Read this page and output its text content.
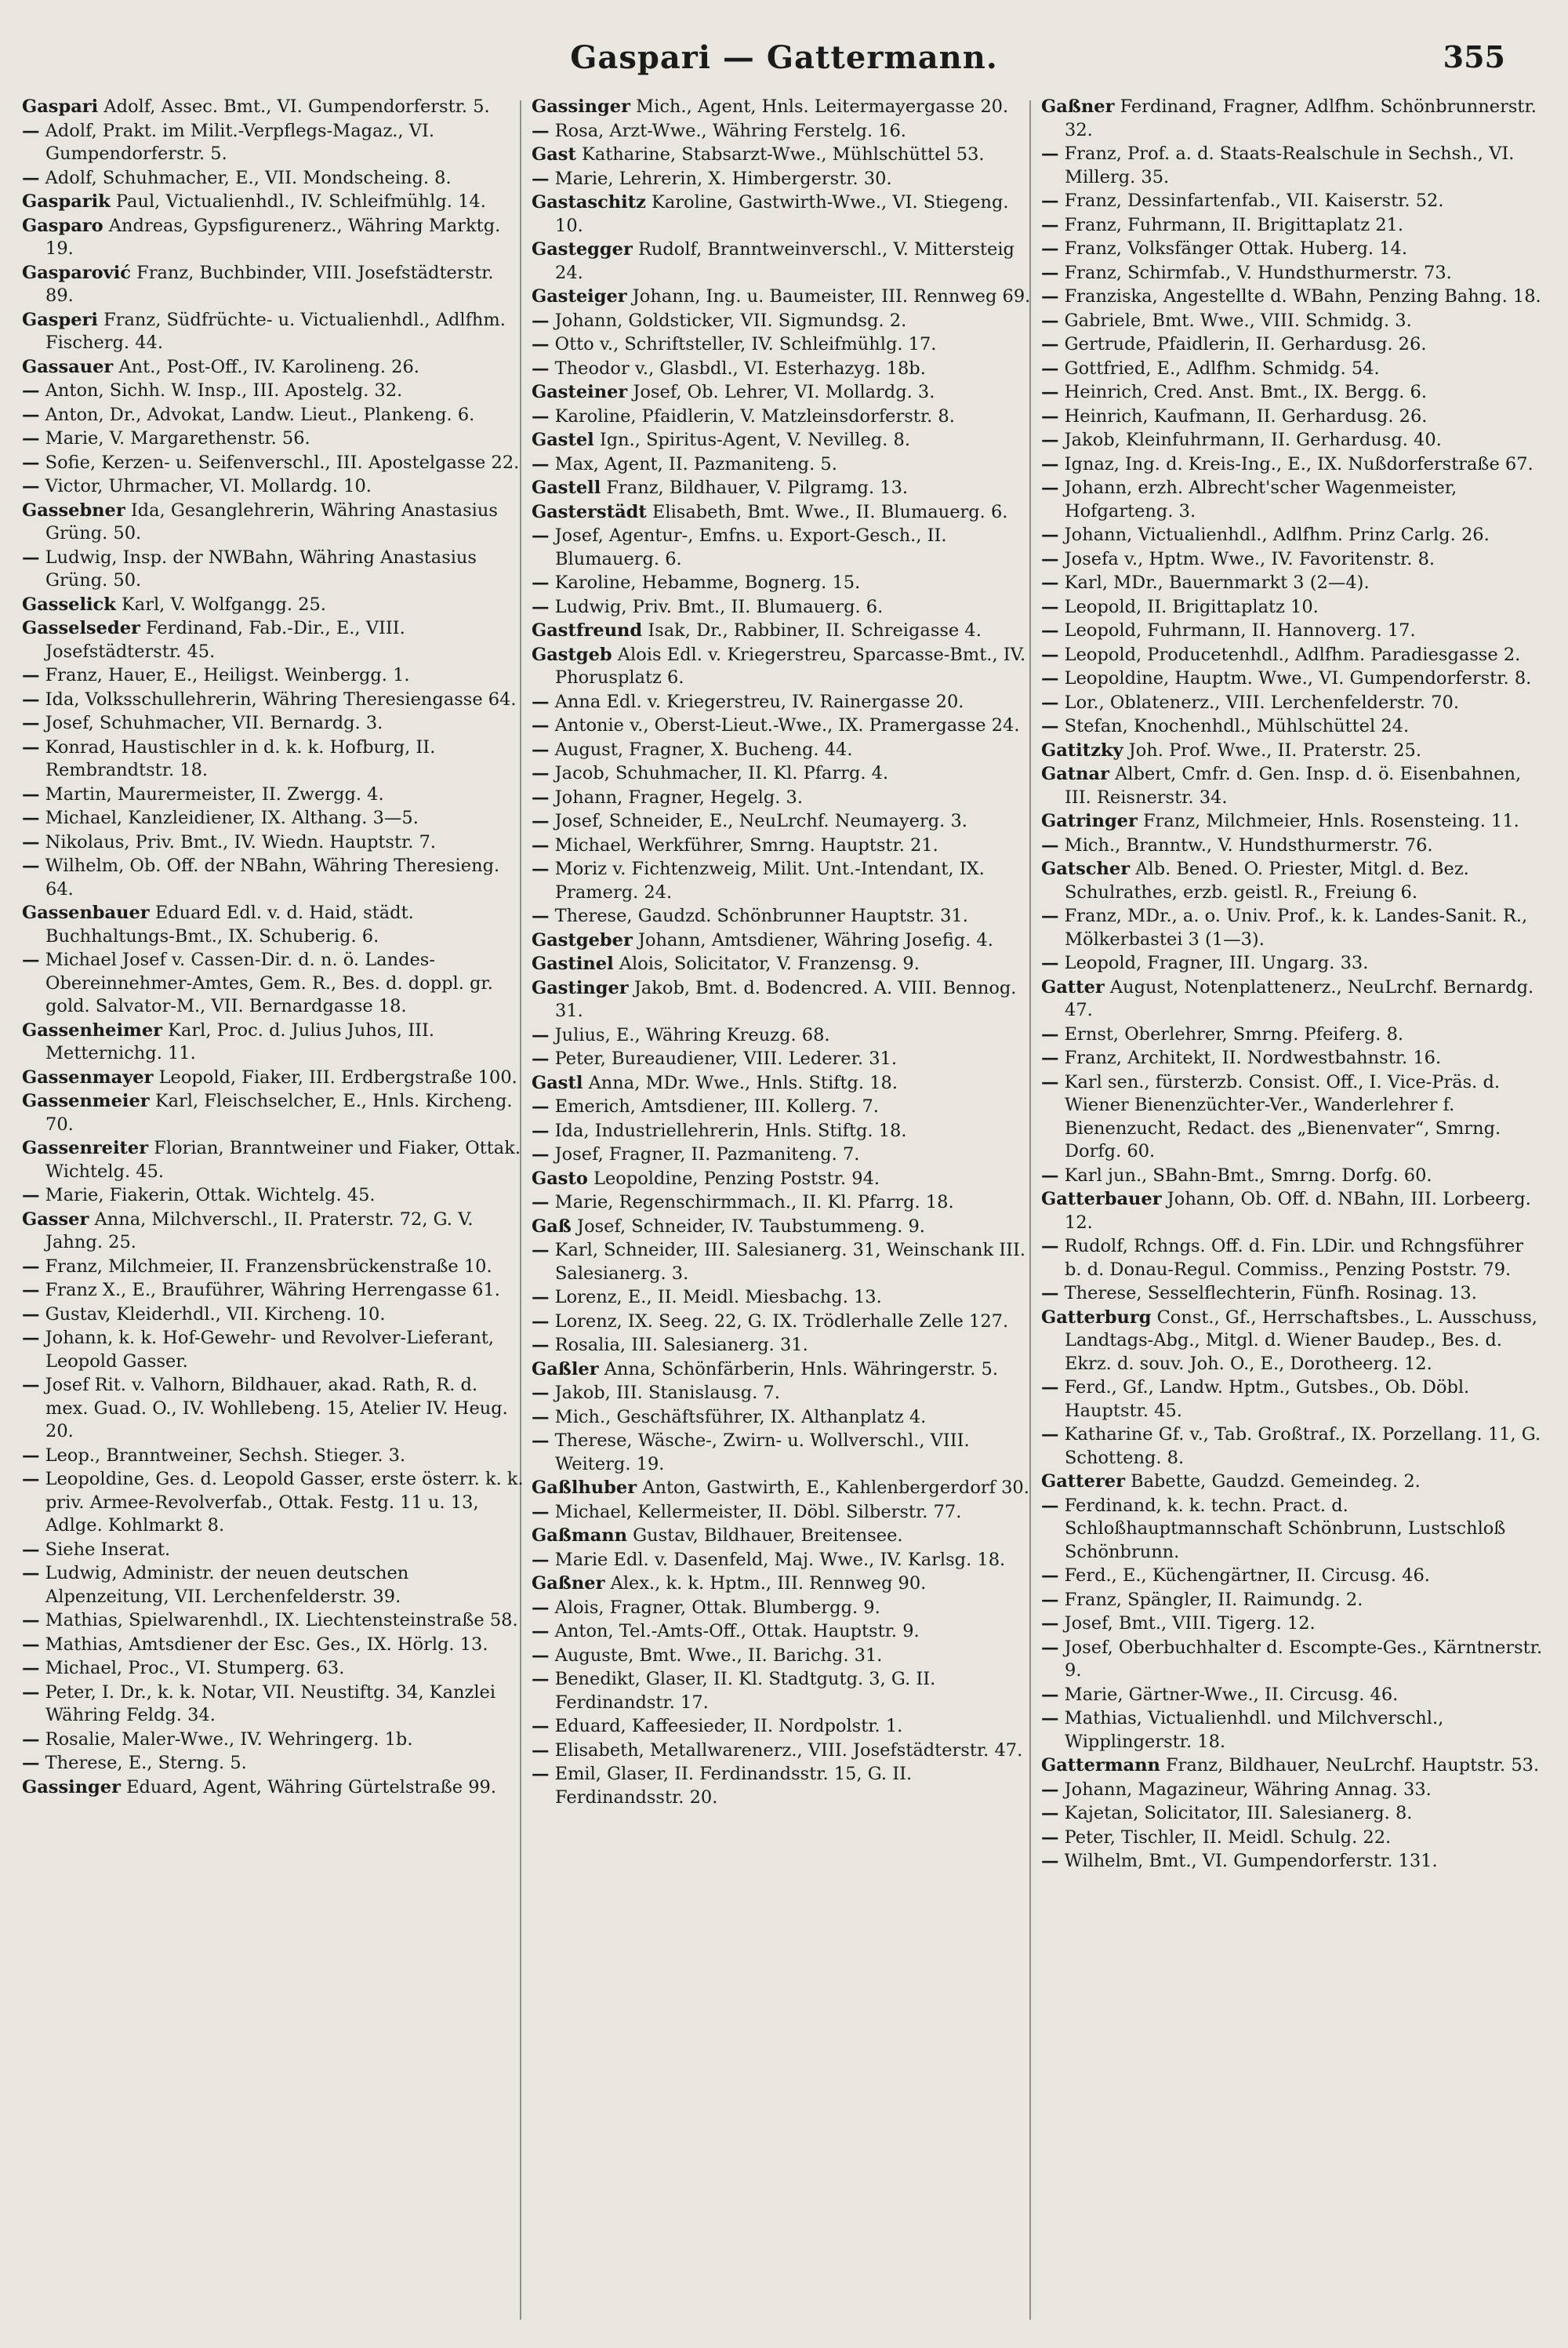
Gaspari — Gattermann.	355

Gaspari Adolf, Assec. Bmt., VI. Gumpendorferstr. 5.

— Adolf, Prakt. im Milit.-Verpflegs-Magaz., VI. Gumpendorferstr. 5.

— Adolf, Schuhmacher, E., VII. Mondscheing. 8.

Gasparik Paul, Victualienhdl., IV. Schleifmühlg. 14.

Gasparo Andreas, Gypsfigurenerz., Währing Marktg. 19.

Gasparović Franz, Buchbinder, VIII. Josefstädterstr. 89.

Gasperi Franz, Südfrüchte- u. Victualienhdl., Adlfhm. Fischerg. 44.

Gassauer Ant., Post-Off., IV. Karolineng. 26.

— Anton, Sichh. W. Insp., III. Apostelg. 32.

— Anton, Dr., Advokat, Landw. Lieut., Plankeng. 6.

— Marie, V. Margarethenstr. 56.

— Sofie, Kerzen- u. Seifenverschl., III. Apostelgasse 22.

— Victor, Uhrmacher, VI. Mollardg. 10.

Gassebner Ida, Gesanglehrerin, Währing Anastasius Grüng. 50.

— Ludwig, Insp. der NWBahn, Währing Anastasius Grüng. 50.

Gasselick Karl, V. Wolfgangg. 25.

Gasselseder Ferdinand, Fab.-Dir., E., VIII. Josefstädterstr. 45.

— Franz, Hauer, E., Heiligst. Weinbergg. 1.

— Ida, Volksschullehrerin, Währing Theresiengasse 64.

— Josef, Schuhmacher, VII. Bernardg. 3.

— Konrad, Haustischler in d. k. k. Hofburg, II. Rembrandtstr. 18.

— Martin, Maurermeister, II. Zwergg. 4.

— Michael, Kanzleidiener, IX. Althang. 3—5.

— Nikolaus, Priv. Bmt., IV. Wiedn. Hauptstr. 7.

— Wilhelm, Ob. Off. der NBahn, Währing Theresieng. 64.

Gassenbauer Eduard Edl. v. d. Haid, städt. Buchhaltungs-Bmt., IX. Schuberig. 6.

— Michael Josef v. Cassen-Dir. d. n. ö. Landes-Obereinnehmer-Amtes, Gem. R., Bes. d. doppl. gr. gold. Salvator-M., VII. Bernardgasse 18.

Gassenheimer Karl, Proc. d. Julius Juhos, III. Metternichg. 11.

Gassenmayer Leopold, Fiaker, III. Erdbergstraße 100.

Gassenmeier Karl, Fleischselcher, E., Hnls. Kircheng. 70.

Gassenreiter Florian, Branntweiner und Fiaker, Ottak. Wichtelg. 45.

— Marie, Fiakerin, Ottak. Wichtelg. 45.

Gasser Anna, Milchverschl., II. Praterstr. 72, G. V. Jahng. 25.

— Franz, Milchmeier, II. Franzensbrückenstraße 10.

— Franz X., E., Brauführer, Währing Herrengasse 61.

— Gustav, Kleiderhdl., VII. Kircheng. 10.

— Johann, k. k. Hof-Gewehr- und Revolver-Lieferant, Leopold Gasser.

— Josef Rit. v. Valhorn, Bildhauer, akad. Rath, R. d. mex. Guad. O., IV. Wohllebeng. 15, Atelier IV. Heug. 20.

— Leop., Branntweiner, Sechsh. Stieger. 3.

— Leopoldine, Ges. d. Leopold Gasser, erste österr. k. k. priv. Armee-Revolverfab., Ottak. Festg. 11 u. 13, Adlge. Kohlmarkt 8.

— Siehe Inserat.

— Ludwig, Administr. der neuen deutschen Alpenzeitung, VII. Lerchenfelderstr. 39.

— Mathias, Spielwarenhdl., IX. Liechtensteinstraße 58.

— Mathias, Amtsdiener der Esc. Ges., IX. Hörlg. 13.

— Michael, Proc., VI. Stumperg. 63.

— Peter, I. Dr., k. k. Notar, VII. Neustiftg. 34, Kanzlei Währing Feldg. 34.

— Rosalie, Maler-Wwe., IV. Wehringerg. 1b.

— Therese, E., Sterng. 5.

Gassinger Eduard, Agent, Währing Gürtelstraße 99.

Gassinger Mich., Agent, Hnls. Leitermayergasse 20.

— Rosa, Arzt-Wwe., Währing Ferstelg. 16.

Gast Katharine, Stabsarzt-Wwe., Mühlschüttel 53.

— Marie, Lehrerin, X. Himbergerstr. 30.

Gastaschitz Karoline, Gastwirth-Wwe., VI. Stiegeng. 10.

Gastegger Rudolf, Branntweinverschl., V. Mittersteig 24.

Gasteiger Johann, Ing. u. Baumeister, III. Rennweg 69.

— Johann, Goldsticker, VII. Sigmundsg. 2.

— Otto v., Schriftsteller, IV. Schleifmühlg. 17.

— Theodor v., Glasbdl., VI. Esterhazyg. 18b.

Gasteiner Josef, Ob. Lehrer, VI. Mollardg. 3.

— Karoline, Pfaidlerin, V. Matzleinsdorferstr. 8.

Gastel Ign., Spiritus-Agent, V. Nevilleg. 8.

— Max, Agent, II. Pazmaniteng. 5.

Gastell Franz, Bildhauer, V. Pilgramg. 13.

Gasterstädt Elisabeth, Bmt. Wwe., II. Blumauerg. 6.

— Josef, Agentur-, Emfns. u. Export-Gesch., II. Blumauerg. 6.

— Karoline, Hebamme, Bognerg. 15.

— Ludwig, Priv. Bmt., II. Blumauerg. 6.

Gastfreund Isak, Dr., Rabbiner, II. Schreigasse 4.

Gastgeb Alois Edl. v. Kriegerstreu, Sparcasse-Bmt., IV. Phorusplatz 6.

— Anna Edl. v. Kriegerstreu, IV. Rainergasse 20.

— Antonie v., Oberst-Lieut.-Wwe., IX. Pramergasse 24.

— August, Fragner, X. Bucheng. 44.

— Jacob, Schuhmacher, II. Kl. Pfarrg. 4.

— Johann, Fragner, Hegelg. 3.

— Josef, Schneider, E., NeuLrchf. Neumayerg. 3.

— Michael, Werkführer, Smrng. Hauptstr. 21.

— Moriz v. Fichtenzweig, Milit. Unt.-Intendant, IX. Pramerg. 24.

— Therese, Gaudzd. Schönbrunner Hauptstr. 31.

Gastgeber Johann, Amtsdiener, Währing Josefig. 4.

Gastinel Alois, Solicitator, V. Franzensg. 9.

Gastinger Jakob, Bmt. d. Bodencred. A. VIII. Bennog. 31.

— Julius, E., Währing Kreuzg. 68.

— Peter, Bureaudiener, VIII. Lederer. 31.

Gastl Anna, MDr. Wwe., Hnls. Stiftg. 18.

— Emerich, Amtsdiener, III. Kollerg. 7.

— Ida, Industriellehrerin, Hnls. Stiftg. 18.

— Josef, Fragner, II. Pazmaniteng. 7.

Gasto Leopoldine, Penzing Poststr. 94.

— Marie, Regenschirmmach., II. Kl. Pfarrg. 18.

Gaß Josef, Schneider, IV. Taubstummeng. 9.

— Karl, Schneider, III. Salesianerg. 31, Weinschank III. Salesianerg. 3.

— Lorenz, E., II. Meidl. Miesbachg. 13.

— Lorenz, IX. Seeg. 22, G. IX. Trödlerhalle Zelle 127.

— Rosalia, III. Salesianerg. 31.

Gaßler Anna, Schönfärberin, Hnls. Währingerstr. 5.

— Jakob, III. Stanislausg. 7.

— Mich., Geschäftsführer, IX. Althanplatz 4.

— Therese, Wäsche-, Zwirn- u. Wollverschl., VIII. Weiterg. 19.

Gaßlhuber Anton, Gastwirth, E., Kahlenbergerdorf 30.

— Michael, Kellermeister, II. Döbl. Silberstr. 77.

Gaßmann Gustav, Bildhauer, Breitensee.

— Marie Edl. v. Dasenfeld, Maj. Wwe., IV. Karlsg. 18.

Gaßner Alex., k. k. Hptm., III. Rennweg 90.

— Alois, Fragner, Ottak. Blumbergg. 9.

— Anton, Tel.-Amts-Off., Ottak. Hauptstr. 9.

— Auguste, Bmt. Wwe., II. Barichg. 31.

— Benedikt, Glaser, II. Kl. Stadtgutg. 3, G. II. Ferdinandstr. 17.

— Eduard, Kaffeesieder, II. Nordpolstr. 1.

— Elisabeth, Metallwarenerz., VIII. Josefstädterstr. 47.

— Emil, Glaser, II. Ferdinandsstr. 15, G. II. Ferdinandsstr. 20.

Gaßner Ferdinand, Fragner, Adlfhm. Schönbrunnerstr. 32.

— Franz, Prof. a. d. Staats-Realschule in Sechsh., VI. Millerg. 35.

— Franz, Dessinfartenfab., VII. Kaiserstr. 52.

— Franz, Fuhrmann, II. Brigittaplatz 21.

— Franz, Volksfänger Ottak. Huberg. 14.

— Franz, Schirmfab., V. Hundsthurmerstr. 73.

— Franziska, Angestellte d. WBahn, Penzing Bahng. 18.

— Gabriele, Bmt. Wwe., VIII. Schmidg. 3.

— Gertrude, Pfaidlerin, II. Gerhardusg. 26.

— Gottfried, E., Adlfhm. Schmidg. 54.

— Heinrich, Cred. Anst. Bmt., IX. Bergg. 6.

— Heinrich, Kaufmann, II. Gerhardusg. 26.

— Jakob, Kleinfuhrmann, II. Gerhardusg. 40.

— Ignaz, Ing. d. Kreis-Ing., E., IX. Nußdorferstraße 67.

— Johann, erzh. Albrecht'scher Wagenmeister, Hofgarteng. 3.

— Johann, Victualienhdl., Adlfhm. Prinz Carlg. 26.

— Josefa v., Hptm. Wwe., IV. Favoritenstr. 8.

— Karl, MDr., Bauernmarkt 3 (2—4).

— Leopold, II. Brigittaplatz 10.

— Leopold, Fuhrmann, II. Hannoverg. 17.

— Leopold, Producetenhdl., Adlfhm. Paradiesgasse 2.

— Leopoldine, Hauptm. Wwe., VI. Gumpendorferstr. 8.

— Lor., Oblatenerz., VIII. Lerchenfelderstr. 70.

— Stefan, Knochenhdl., Mühlschüttel 24.

Gatitzky Joh. Prof. Wwe., II. Praterstr. 25.

Gatnar Albert, Cmfr. d. Gen. Insp. d. ö. Eisenbahnen, III. Reisnerstr. 34.

Gatringer Franz, Milchmeier, Hnls. Rosensteing. 11.

— Mich., Branntw., V. Hundsthurmerstr. 76.

Gatscher Alb. Bened. O. Priester, Mitgl. d. Bez. Schulrathes, erzb. geistl. R., Freiung 6.

— Franz, MDr., a. o. Univ. Prof., k. k. Landes-Sanit. R., Mölkerbastei 3 (1—3).

— Leopold, Fragner, III. Ungarg. 33.

Gatter August, Notenplattenerz., NeuLrchf. Bernardg. 47.

— Ernst, Oberlehrer, Smrng. Pfeiferg. 8.

— Franz, Architekt, II. Nordwestbahnstr. 16.

— Karl sen., fürsterzb. Consist. Off., I. Vice-Präs. d. Wiener Bienenzüchter-Ver., Wanderlehrer f. Bienenzucht, Redact. des „Bienenvater“, Smrng. Dorfg. 60.

— Karl jun., SBahn-Bmt., Smrng. Dorfg. 60.

Gatterbauer Johann, Ob. Off. d. NBahn, III. Lorbeerg. 12.

— Rudolf, Rchngs. Off. d. Fin. LDir. und Rchngsführer b. d. Donau-Regul. Commiss., Penzing Poststr. 79.

— Therese, Sesselflechterin, Fünfh. Rosinag. 13.

Gatterburg Const., Gf., Herrschaftsbes., L. Ausschuss, Landtags-Abg., Mitgl. d. Wiener Baudep., Bes. d. Ekrz. d. souv. Joh. O., E., Dorotheerg. 12.

— Ferd., Gf., Landw. Hptm., Gutsbes., Ob. Döbl. Hauptstr. 45.

— Katharine Gf. v., Tab. Großtraf., IX. Porzellang. 11, G. Schotteng. 8.

Gatterer Babette, Gaudzd. Gemeindeg. 2.

— Ferdinand, k. k. techn. Pract. d. Schloßhauptmannschaft Schönbrunn, Lustschloß Schönbrunn.

— Ferd., E., Küchengärtner, II. Circusg. 46.

— Franz, Spängler, II. Raimundg. 2.

— Josef, Bmt., VIII. Tigerg. 12.

— Josef, Oberbuchhalter d. Escompte-Ges., Kärntnerstr. 9.

— Marie, Gärtner-Wwe., II. Circusg. 46.

— Mathias, Victualienhdl. und Milchverschl., Wipplingerstr. 18.

Gattermann Franz, Bildhauer, NeuLrchf. Hauptstr. 53.

— Johann, Magazineur, Währing Annag. 33.

— Kajetan, Solicitator, III. Salesianerg. 8.

— Peter, Tischler, II. Meidl. Schulg. 22.

— Wilhelm, Bmt., VI. Gumpendorferstr. 131.
